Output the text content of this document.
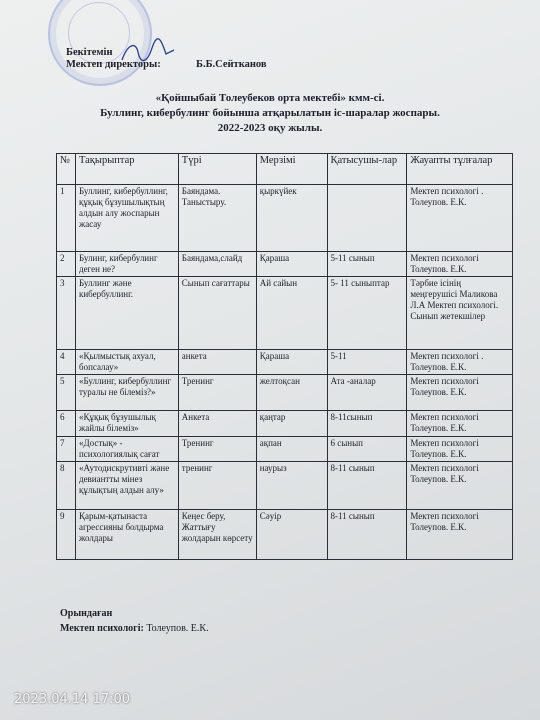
Бекітемін
Мектеп директоры:	Б.Б.Сейтканов
«Қойшыбай Толеубеков орта мектебі» кмм-сі.
Буллинг, кибербулинг бойынша атқарылатын іс-шаралар жоспары.
2022-2023 оқу жылы.
№	Тақырыптар	Түрі	Мерзімі	Қатысушы-лар	Жауапты тұлғалар
1	Буллинг, кибербуллинг, құқық бұзушылықтың алдын алу жоспарын жасау	Баяндама. Таныстыру.	қыркүйек		Мектеп психологі . Толеупов. Е.К.
2	Булинг, кибербулинг деген не?	Баяндама,слайд	Қараша	5-11 сынып	Мектеп психологі Толеупов. Е.К.
3	Буллинг және кибербуллинг.	Сынып сағаттары	Ай сайын	5- 11 сыныптар	Тәрбие ісінің меңгерушісі Маликова Л.А Мектеп психологі. Сынып жетекшілер
4	«Қылмыстық ахуал, бопсалау»	анкета	Қараша	5-11	Мектеп психологі . Толеупов. Е.К.
5	«Буллинг, кибербуллинг туралы не білеміз?»	Тренинг	желтоқсан	Ата -аналар	Мектеп психологі Толеупов. Е.К.
6	«Құқық бұзушылық жайлы білеміз»	Анкета	қаңтар	8-11сынып	Мектеп психологі Толеупов. Е.К.
7	«Достық» - психологиялық сағат	Тренинг	ақпан	6 сынып	Мектеп психологі Толеупов. Е.К.
8	«Аутодискрутивті және девиантты мінез құлықтың алдын алу»	тренинг	наурыз	8-11 сынып	Мектеп психологі Толеупов. Е.К.
9	Қарым-қатынаста агрессияны болдырма жолдары	Кеңес беру, Жаттығу жолдарын көрсету	Сәуір	8-11 сынып	Мектеп психологі Толеупов. Е.К.
Орындаған
Мектеп психологі: Толеупов. Е.К.
2023.04.14 17:00
